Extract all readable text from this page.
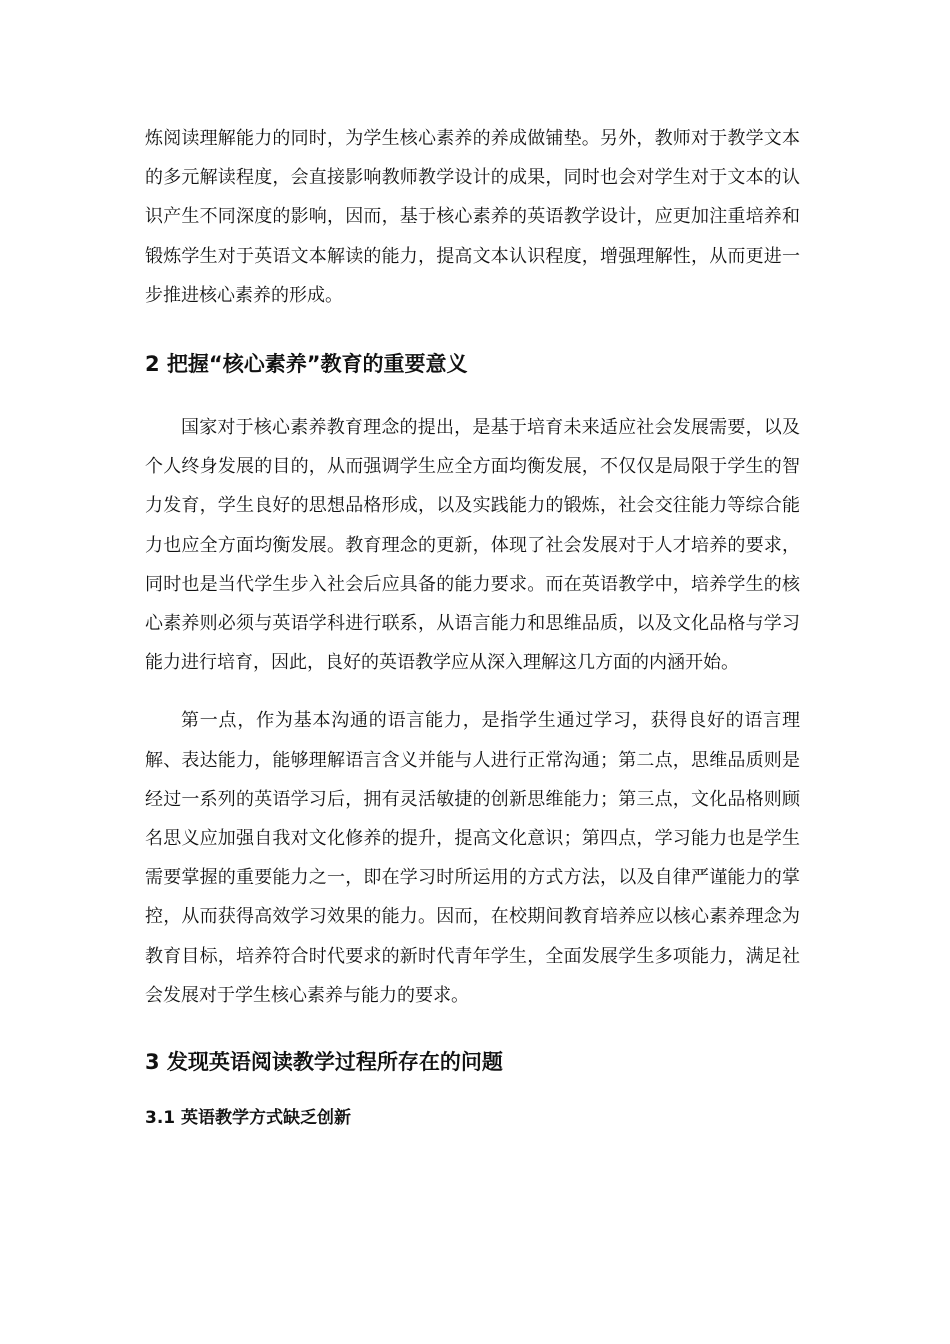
炼阅读理解能力的同时，为学生核心素养的养成做铺垫。另外，教师对于教学文本的多元解读程度，会直接影响教师教学设计的成果，同时也会对学生对于文本的认识产生不同深度的影响，因而，基于核心素养的英语教学设计，应更加注重培养和锻炼学生对于英语文本解读的能力，提高文本认识程度，增强理解性，从而更进一步推进核心素养的形成。

2 把握“核心素养”教育的重要意义

国家对于核心素养教育理念的提出，是基于培育未来适应社会发展需要，以及个人终身发展的目的，从而强调学生应全方面均衡发展，不仅仅是局限于学生的智力发育，学生良好的思想品格形成，以及实践能力的锻炼，社会交往能力等综合能力也应全方面均衡发展。教育理念的更新，体现了社会发展对于人才培养的要求，同时也是当代学生步入社会后应具备的能力要求。而在英语教学中，培养学生的核心素养则必须与英语学科进行联系，从语言能力和思维品质，以及文化品格与学习能力进行培育，因此，良好的英语教学应从深入理解这几方面的内涵开始。

第一点，作为基本沟通的语言能力，是指学生通过学习，获得良好的语言理解、表达能力，能够理解语言含义并能与人进行正常沟通；第二点，思维品质则是经过一系列的英语学习后，拥有灵活敏捷的创新思维能力；第三点，文化品格则顾名思义应加强自我对文化修养的提升，提高文化意识；第四点，学习能力也是学生需要掌握的重要能力之一，即在学习时所运用的方式方法，以及自律严谨能力的掌控，从而获得高效学习效果的能力。因而，在校期间教育培养应以核心素养理念为教育目标，培养符合时代要求的新时代青年学生，全面发展学生多项能力，满足社会发展对于学生核心素养与能力的要求。

3 发现英语阅读教学过程所存在的问题
3.1 英语教学方式缺乏创新
